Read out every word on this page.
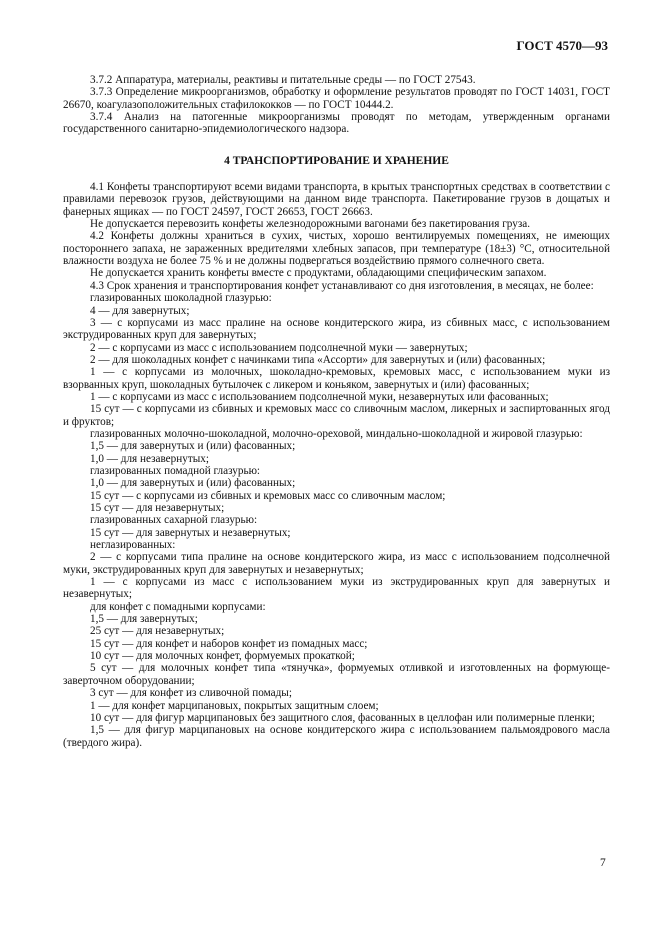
ГОСТ 4570—93

3.7.2 Аппаратура, материалы, реактивы и питательные среды — по ГОСТ 27543.

3.7.3 Определение микроорганизмов, обработку и оформление результатов проводят по ГОСТ 14031, ГОСТ 26670, коагулазоположительных стафилококков — по ГОСТ 10444.2.

3.7.4 Анализ на патогенные микроорганизмы проводят по методам, утвержденным органами государственного санитарно-эпидемиологического надзора.

4 ТРАНСПОРТИРОВАНИЕ И ХРАНЕНИЕ

4.1 Конфеты транспортируют всеми видами транспорта, в крытых транспортных средствах в соответствии с правилами перевозок грузов, действующими на данном виде транспорта. Пакетирование грузов в дощатых и фанерных ящиках — по ГОСТ 24597, ГОСТ 26653, ГОСТ 26663.

Не допускается перевозить конфеты железнодорожными вагонами без пакетирования груза.

4.2 Конфеты должны храниться в сухих, чистых, хорошо вентилируемых помещениях, не имеющих постороннего запаха, не зараженных вредителями хлебных запасов, при температуре (18±3) °С, относительной влажности воздуха не более 75 % и не должны подвергаться воздействию прямого солнечного света.

Не допускается хранить конфеты вместе с продуктами, обладающими специфическим запахом.

4.3 Срок хранения и транспортирования конфет устанавливают со дня изготовления, в месяцах, не более:

глазированных шоколадной глазурью:

4 — для завернутых;

3 — с корпусами из масс пралине на основе кондитерского жира, из сбивных масс, с использованием экструдированных круп для завернутых;

2 — с корпусами из масс с использованием подсолнечной муки — завернутых;

2 — для шоколадных конфет с начинками типа «Ассорти» для завернутых и (или) фасованных;

1 — с корпусами из молочных, шоколадно-кремовых, кремовых масс, с использованием муки из взорванных круп, шоколадных бутылочек с ликером и коньяком, завернутых и (или) фасованных;

1 — с корпусами из масс с использованием подсолнечной муки, незавернутых или фасованных;

15 сут — с корпусами из сбивных и кремовых масс со сливочным маслом, ликерных и заспиртованных ягод и фруктов;

глазированных молочно-шоколадной, молочно-ореховой, миндально-шоколадной и жировой глазурью:

1,5 — для завернутых и (или) фасованных;

1,0 — для незавернутых;

глазированных помадной глазурью:

1,0 — для завернутых и (или) фасованных;

15 сут — с корпусами из сбивных и кремовых масс со сливочным маслом;

15 сут — для незавернутых;

глазированных сахарной глазурью:

15 сут — для завернутых и незавернутых;

неглазированных:

2 — с корпусами типа пралине на основе кондитерского жира, из масс с использованием подсолнечной муки, экструдированных круп для завернутых и незавернутых;

1 — с корпусами из масс с использованием муки из экструдированных круп для завернутых и незавернутых;

для конфет с помадными корпусами:

1,5 — для завернутых;

25 сут — для незавернутых;

15 сут — для конфет и наборов конфет из помадных масс;

10 сут — для молочных конфет, формуемых прокаткой;

5 сут — для молочных конфет типа «тянучка», формуемых отливкой и изготовленных на формующе-заверточном оборудовании;

3 сут — для конфет из сливочной помады;

1 — для конфет марципановых, покрытых защитным слоем;

10 сут — для фигур марципановых без защитного слоя, фасованных в целлофан или полимерные пленки;

1,5 — для фигур марципановых на основе кондитерского жира с использованием пальмоядрового масла (твердого жира).

7
